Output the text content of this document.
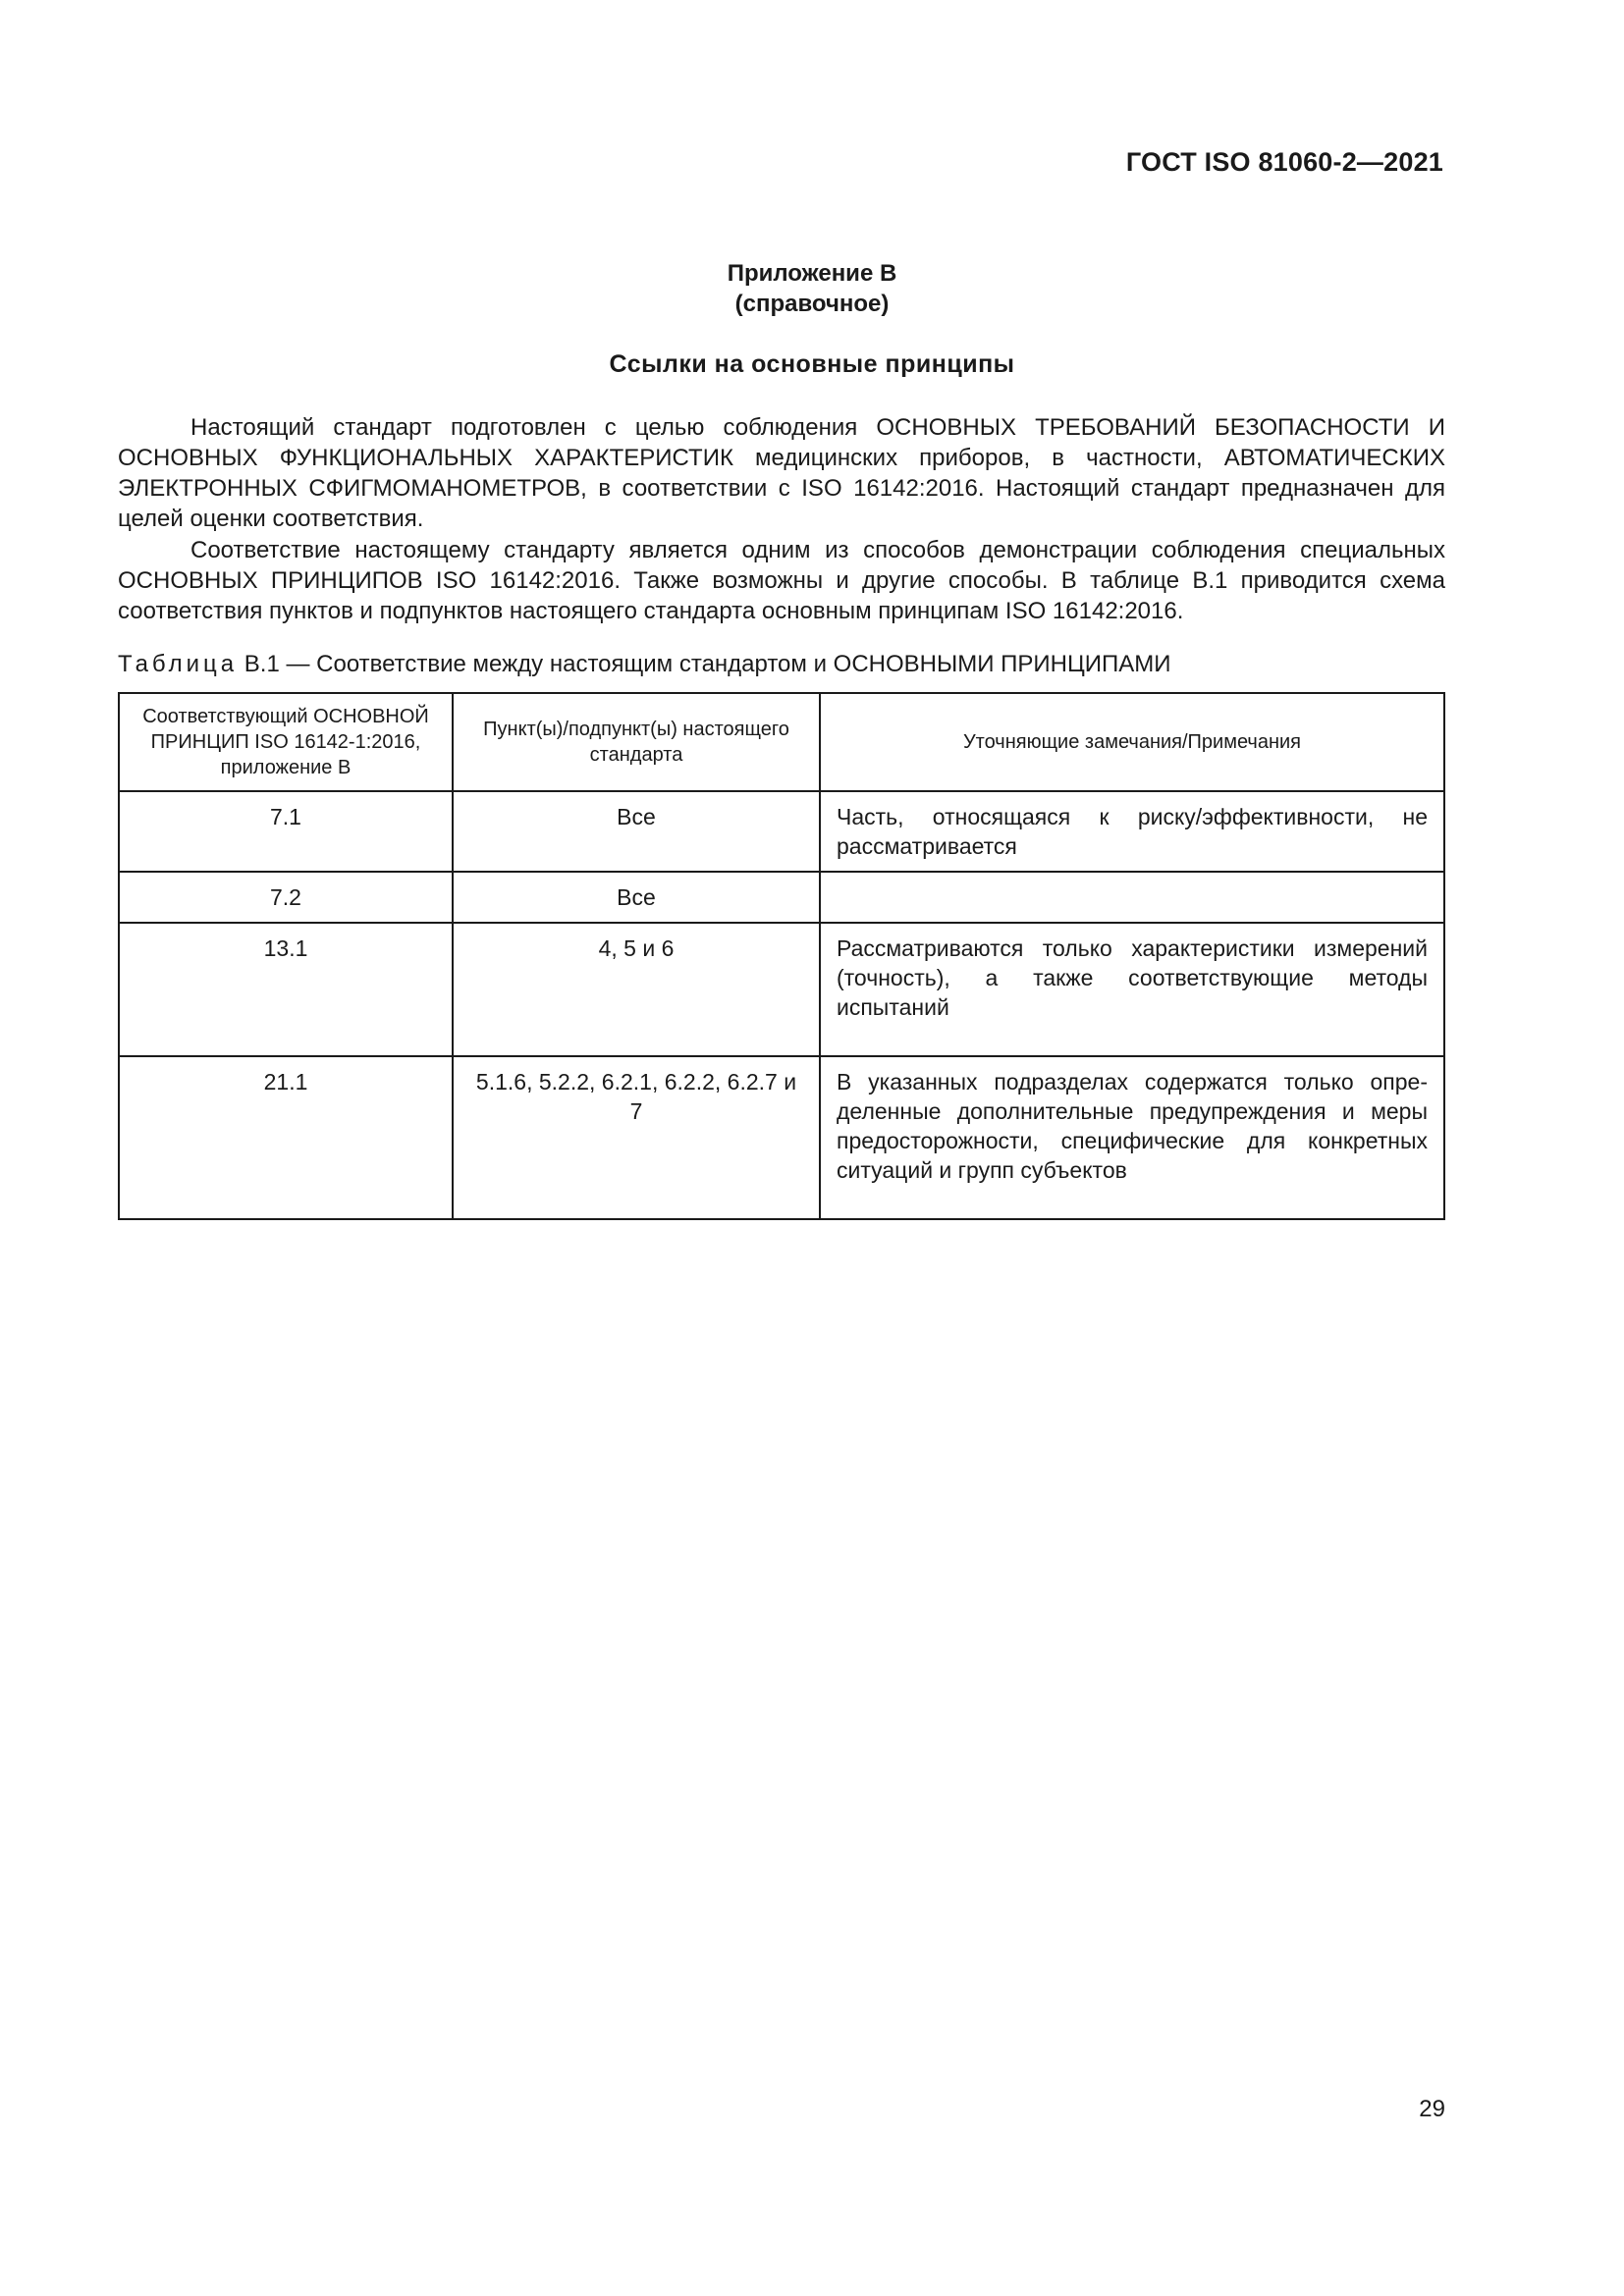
ГОСТ ISO 81060-2—2021
Приложение В
(справочное)
Ссылки на основные принципы

Настоящий стандарт подготовлен с целью соблюдения ОСНОВНЫХ ТРЕБОВАНИЙ БЕЗОПАСНОСТИ И ОСНОВНЫХ ФУНКЦИОНАЛЬНЫХ ХАРАКТЕРИСТИК медицинских приборов, в частности, АВТОМАТИЧЕСКИХ ЭЛЕКТРОННЫХ СФИГМОМАНОМЕТРОВ, в соответствии с ISO 16142:2016. Настоящий стандарт предназначен для целей оценки соответствия.

Соответствие настоящему стандарту является одним из способов демонстрации соблюдения специальных ОСНОВНЫХ ПРИНЦИПОВ ISO 16142:2016. Также возможны и другие способы. В таблице В.1 приводится схема соответствия пунктов и подпунктов настоящего стандарта основным принципам ISO 16142:2016.

Таблица В.1 — Соответствие между настоящим стандартом и ОСНОВНЫМИ ПРИНЦИПАМИ
Соответствующий ОСНОВНОЙ ПРИНЦИП ISO 16142-1:2016, приложение В	Пункт(ы)/подпункт(ы) настоящего стандарта	Уточняющие замечания/Примечания
7.1	Все	Часть, относящаяся к риску/эффективности, не рассматривается
7.2	Все	
13.1	4, 5 и 6	Рассматриваются только характеристики измерений (точность), а также соответствующие методы испытаний
21.1	5.1.6, 5.2.2, 6.2.1, 6.2.2, 6.2.7 и 7	В указанных подразделах содержатся только определенные дополнительные предупреждения и меры предосторожности, специфические для конкретных ситуаций и групп субъектов
29
